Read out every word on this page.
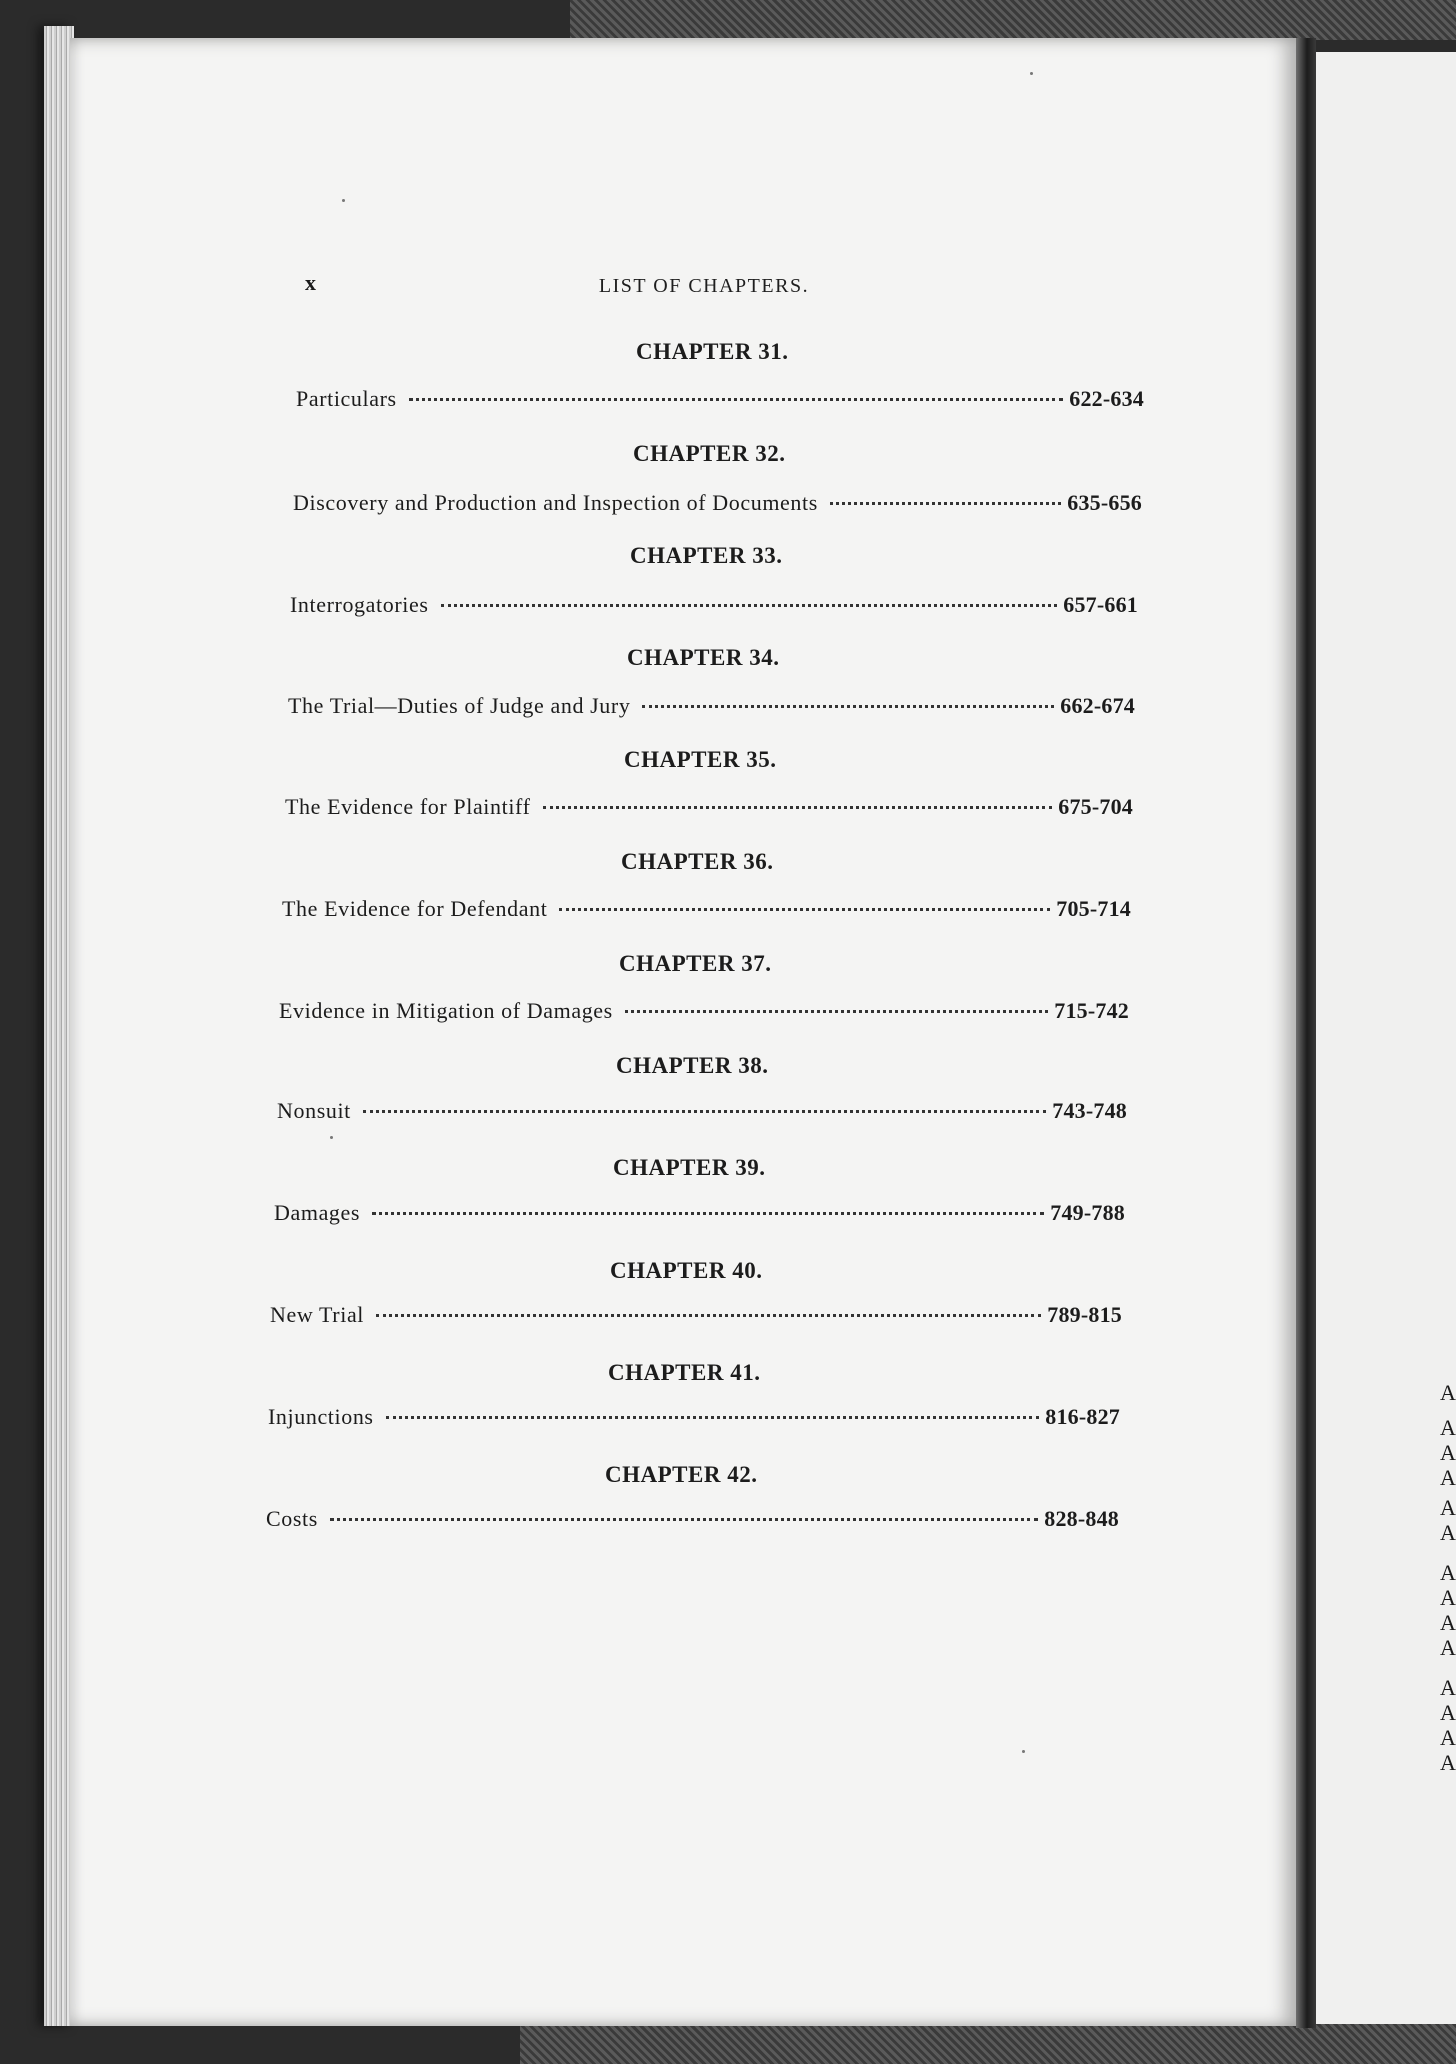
A
A
A
A
A
A
A
A
A
A
A
A
A
A
x	LIST OF CHAPTERS.
CHAPTER 31.
Particulars	622-634
CHAPTER 32.
Discovery and Production and Inspection of Documents	635-656
CHAPTER 33.
Interrogatories	657-661
CHAPTER 34.
The Trial—Duties of Judge and Jury	662-674
CHAPTER 35.
The Evidence for Plaintiff	675-704
CHAPTER 36.
The Evidence for Defendant	705-714
CHAPTER 37.
Evidence in Mitigation of Damages	715-742
CHAPTER 38.
Nonsuit	743-748
CHAPTER 39.
Damages	749-788
CHAPTER 40.
New Trial	789-815
CHAPTER 41.
Injunctions	816-827
CHAPTER 42.
Costs	828-848
